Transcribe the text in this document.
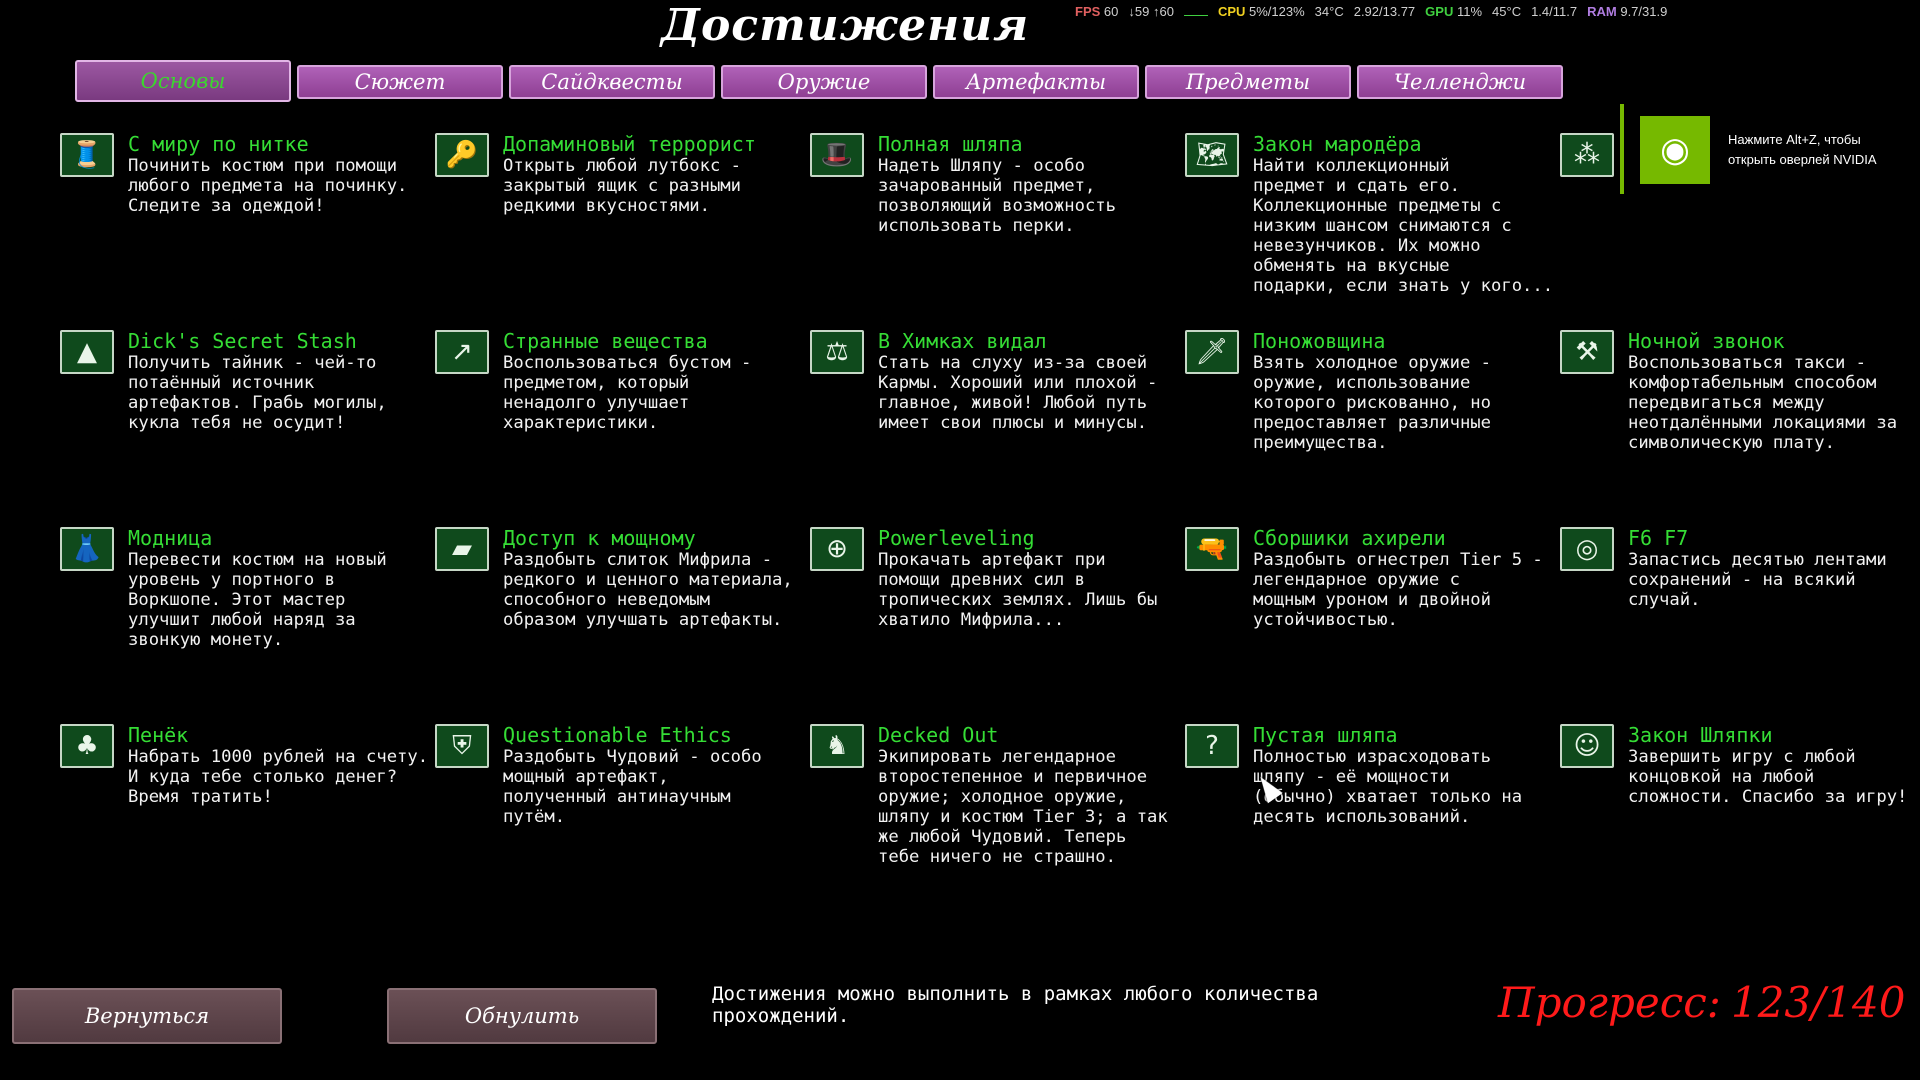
Достижения	FPS 60 ↓59 ↑60	CPU 5%/123% 34°C 2.92/13.77 GPU 11% 45°C 1.4/11.7 RAM 9.7/31.9
Основы	Сюжет	Сайдквесты	Оружие	Артефакты	Предметы	Челленджи
🧵	С миру по нитке
Починить костюм при помощи
любого предмета на починку.
Следите за одеждой!
🔑	Допаминовый террорист
Открыть любой лутбокс -
закрытый ящик с разными
редкими вкусностями.
🎩	Полная шляпа
Надеть Шляпу - особо
зачарованный предмет,
позволяющий возможность
использовать перки.
🗺	Закон мародёра
Найти коллекционный
предмет и сдать его.
Коллекционные предметы с
низким шансом снимаются с
невезунчиков. Их можно
обменять на вкусные
подарки, если знать у кого...
⁂
▲	Dick's Secret Stash
Получить тайник - чей-то
потаённый источник
артефактов. Грабь могилы,
кукла тебя не осудит!
↗	Странные вещества
Воспользоваться бустом -
предметом, который
ненадолго улучшает
характеристики.
⚖	В Химках видал
Стать на слуху из-за своей
Кармы. Хороший или плохой -
главное, живой! Любой путь
имеет свои плюсы и минусы.
🗡	Поножовщина
Взять холодное оружие -
оружие, использование
которого рискованно, но
предоставляет различные
преимущества.
⚒	Ночной звонок
Воспользоваться такси -
комфортабельным способом
передвигаться между
неотдалёнными локациями за
символическую плату.
👗	Модница
Перевести костюм на новый
уровень у портного в
Воркшопе. Этот мастер
улучшит любой наряд за
звонкую монету.
▰	Доступ к мощному
Раздобыть слиток Мифрила -
редкого и ценного материала,
способного неведомым
образом улучшать артефакты.
⊕	Powerleveling
Прокачать артефакт при
помощи древних сил в
тропических землях. Лишь бы
хватило Мифрила...
🔫	Сборшики ахирели
Раздобыть огнестрел Tier 5 -
легендарное оружие с
мощным уроном и двойной
устойчивостью.
◎	F6 F7
Запастись десятью лентами
сохранений - на всякий
случай.
♣	Пенёк
Набрать 1000 рублей на счету.
И куда тебе столько денег?
Время тратить!
⛨	Questionable Ethics
Раздобыть Чудовий - особо
мощный артефакт,
полученный антинаучным
путём.
♞	Decked Out
Экипировать легендарное
второстепенное и первичное
оружие; холодное оружие,
шляпу и костюм Tier 3; а так
же любой Чудовий. Теперь
тебе ничего не страшно.
?	Пустая шляпа
Полностью израсходовать
шляпу - её мощности
(обычно) хватает только на
десять использований.
☺	Закон Шляпки
Завершить игру с любой
концовкой на любой
сложности. Спасибо за игру!
◉	Нажмите Alt+Z, чтобы
открыть оверлей NVIDIA
Вернуться	Обнулить
Достижения можно выполнить в рамках любого количества прохождений.	Прогресс: 123/140
